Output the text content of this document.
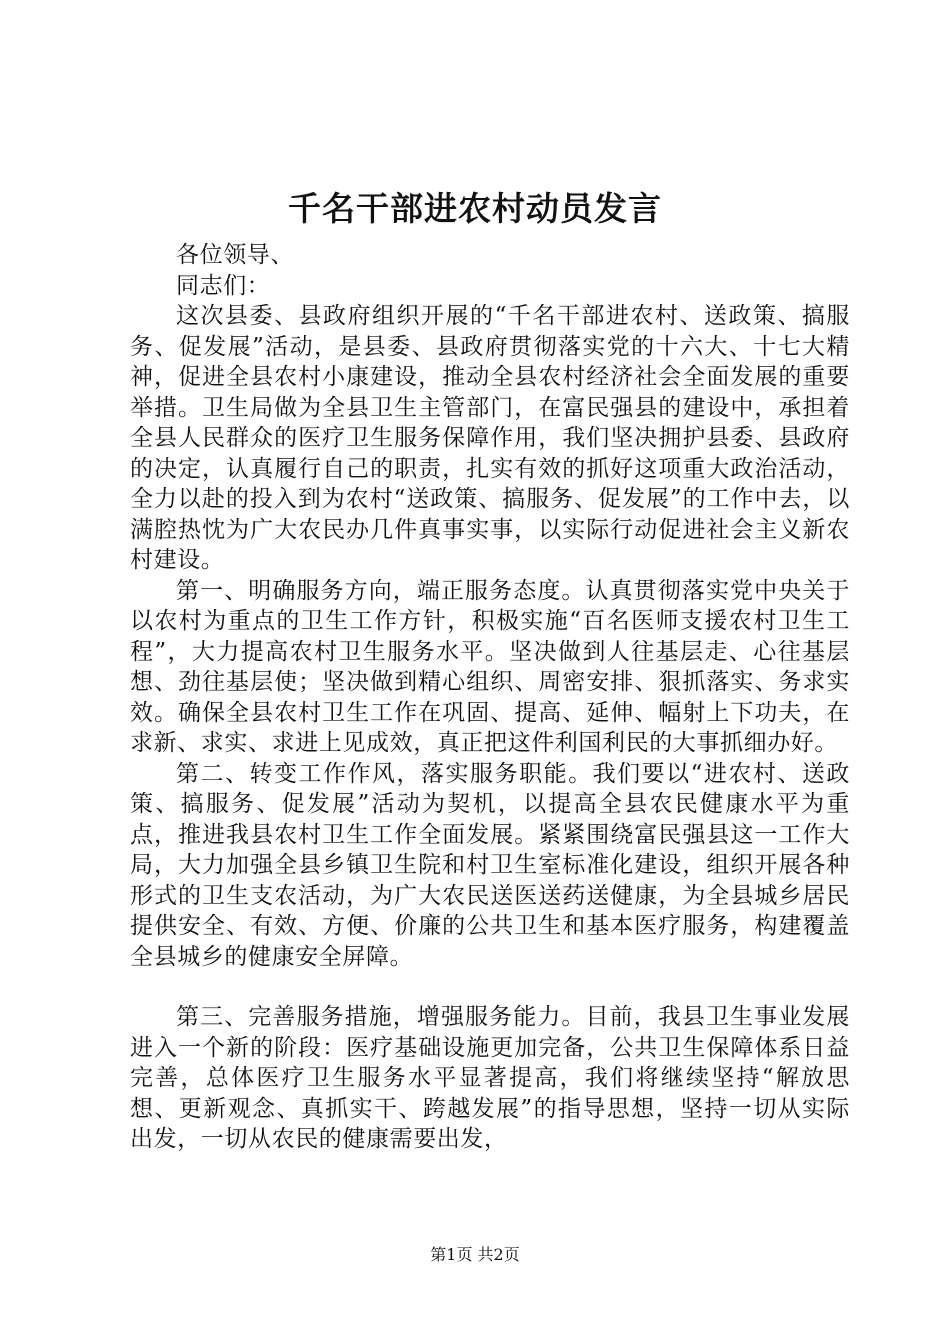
千名干部进农村动员发言

各位领导、

同志们：

这次县委、县政府组织开展的“千名干部进农村、送政策、搞服务、促发展”活动，是县委、县政府贯彻落实党的十六大、十七大精神，促进全县农村小康建设，推动全县农村经济社会全面发展的重要举措。卫生局做为全县卫生主管部门，在富民强县的建设中，承担着全县人民群众的医疗卫生服务保障作用，我们坚决拥护县委、县政府的决定，认真履行自己的职责，扎实有效的抓好这项重大政治活动，全力以赴的投入到为农村“送政策、搞服务、促发展”的工作中去，以满腔热忱为广大农民办几件真事实事，以实际行动促进社会主义新农村建设。

第一、明确服务方向，端正服务态度。认真贯彻落实党中央关于以农村为重点的卫生工作方针，积极实施“百名医师支援农村卫生工程”，大力提高农村卫生服务水平。坚决做到人往基层走、心往基层想、劲往基层使；坚决做到精心组织、周密安排、狠抓落实、务求实效。确保全县农村卫生工作在巩固、提高、延伸、幅射上下功夫，在求新、求实、求进上见成效，真正把这件利国利民的大事抓细办好。

第二、转变工作作风，落实服务职能。我们要以“进农村、送政策、搞服务、促发展”活动为契机，以提高全县农民健康水平为重点，推进我县农村卫生工作全面发展。紧紧围绕富民强县这一工作大局，大力加强全县乡镇卫生院和村卫生室标准化建设，组织开展各种形式的卫生支农活动，为广大农民送医送药送健康，为全县城乡居民提供安全、有效、方便、价廉的公共卫生和基本医疗服务，构建覆盖全县城乡的健康安全屏障。

第三、完善服务措施，增强服务能力。目前，我县卫生事业发展进入一个新的阶段：医疗基础设施更加完备，公共卫生保障体系日益完善，总体医疗卫生服务水平显著提高，我们将继续坚持“解放思想、更新观念、真抓实干、跨越发展”的指导思想，坚持一切从实际出发，一切从农民的健康需要出发，

第1页 共2页
